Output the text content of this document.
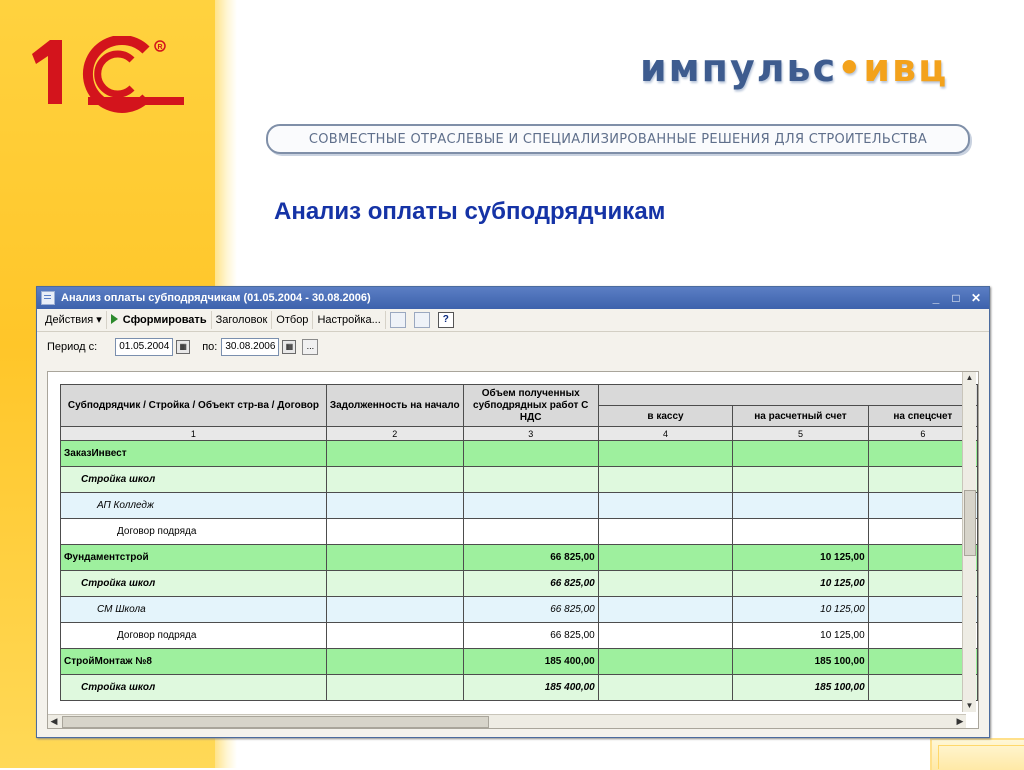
R	импульс•ивц
СОВМЕСТНЫЕ ОТРАСЛЕВЫЕ И СПЕЦИАЛИЗИРОВАННЫЕ РЕШЕНИЯ ДЛЯ СТРОИТЕЛЬСТВА
Анализ оплаты субподрядчикам
Анализ оплаты субподрядчикам (01.05.2004 - 30.08.2006)	_	□ ✕
Действия ▾	Сформировать Заголовок Отбор Настройка...	?
Период с:	01.05.2004	▦ по: 30.08.2006	▦	...
Субподрядчик / Стройка / Объект стр-ва / Договор	Задолженность на начало	Объем полученных субподрядных работ С НДС			
			в кассу	на расчетный счет	на спецсчет
1	2	3	4	5	6
ЗаказИнвест					
Стройка школ					
АП Колледж					
Договор подряда					
Фундаментстрой		66 825,00		10 125,00	
Стройка школ		66 825,00		10 125,00	
СМ Школа		66 825,00		10 125,00	
Договор подряда		66 825,00		10 125,00	
СтройМонтаж №8		185 400,00		185 100,00	
Стройка школ		185 400,00		185 100,00	
▲
▼
◀	▶
